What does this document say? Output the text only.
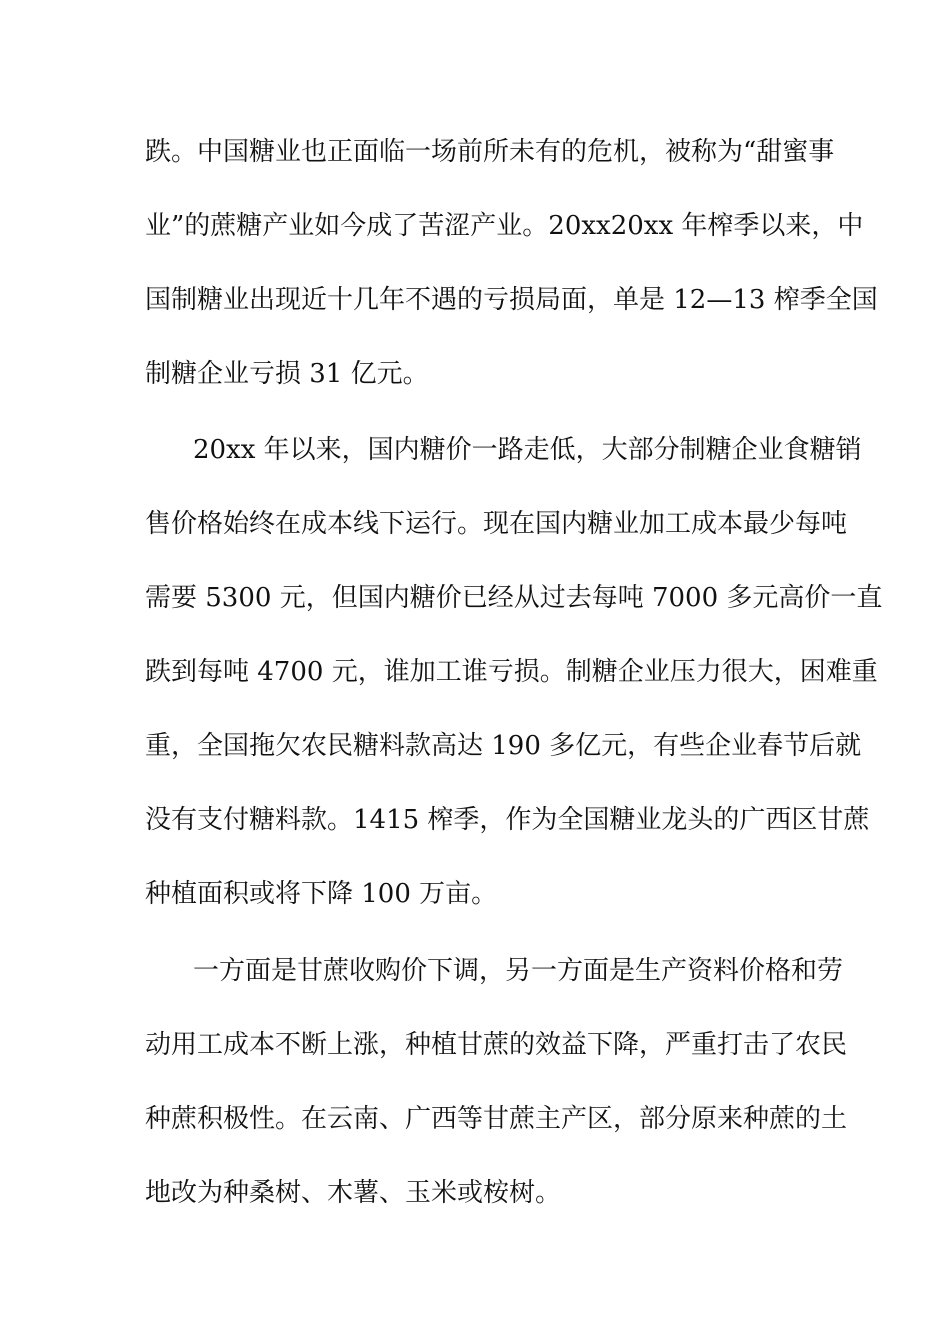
跌。中国糖业也正面临一场前所未有的危机，被称为“甜蜜事
业”的蔗糖产业如今成了苦涩产业。20xx20xx 年榨季以来，中
国制糖业出现近十几年不遇的亏损局面，单是 12—13 榨季全国
制糖企业亏损 31 亿元。
20xx 年以来，国内糖价一路走低，大部分制糖企业食糖销
售价格始终在成本线下运行。现在国内糖业加工成本最少每吨
需要 5300 元，但国内糖价已经从过去每吨 7000 多元高价一直
跌到每吨 4700 元，谁加工谁亏损。制糖企业压力很大，困难重
重，全国拖欠农民糖料款高达 190 多亿元，有些企业春节后就
没有支付糖料款。1415 榨季，作为全国糖业龙头的广西区甘蔗
种植面积或将下降 100 万亩。
一方面是甘蔗收购价下调，另一方面是生产资料价格和劳
动用工成本不断上涨，种植甘蔗的效益下降，严重打击了农民
种蔗积极性。在云南、广西等甘蔗主产区，部分原来种蔗的土
地改为种桑树、木薯、玉米或桉树。
